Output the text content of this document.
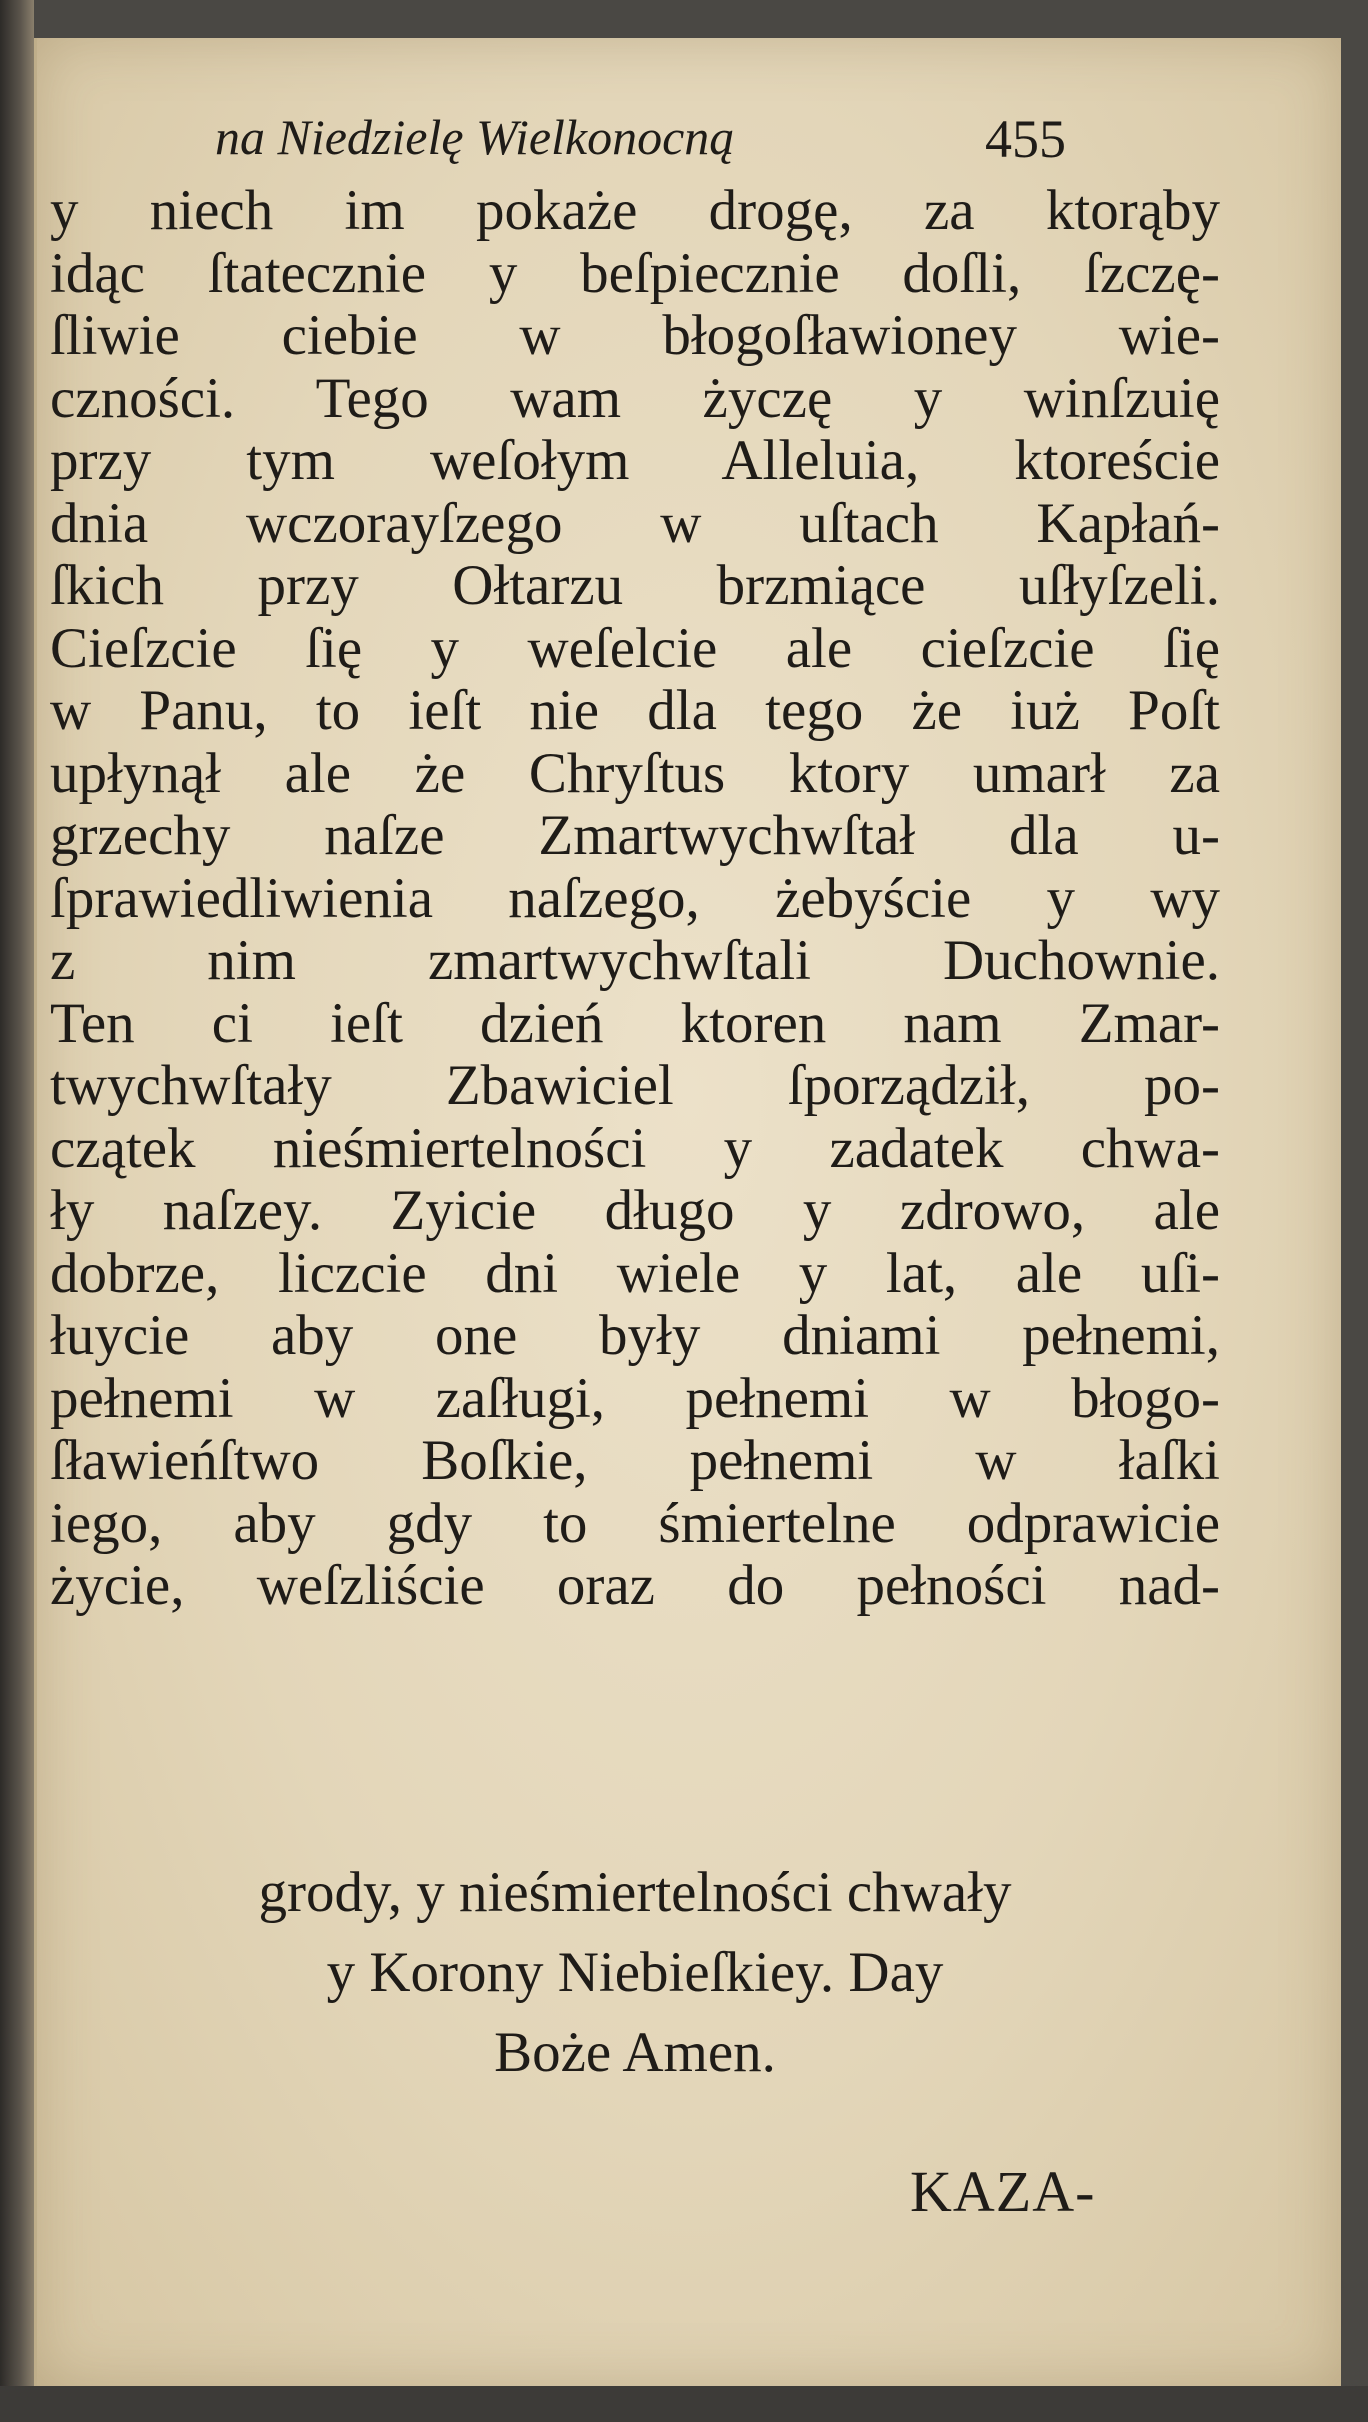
na Niedzielę Wielkonocną	455
y niech im pokaże drogę, za ktorąby
idąc ſtatecznie y beſpiecznie doſli, ſzczę-
ſliwie ciebie w błogoſławioney wie-
czności. Tego wam życzę y winſzuię
przy tym weſołym Alleluia, ktoreście
dnia wczorayſzego w uſtach Kapłań-
ſkich przy Ołtarzu brzmiące uſłyſzeli.
Cieſzcie ſię y weſelcie ale cieſzcie ſię
w Panu, to ieſt nie dla tego że iuż Poſt
upłynął ale że Chryſtus ktory umarł za
grzechy naſze Zmartwychwſtał dla u-
ſprawiedliwienia naſzego, żebyście y wy
z nim zmartwychwſtali Duchownie.
Ten ci ieſt dzień ktoren nam Zmar-
twychwſtały Zbawiciel ſporządził, po-
czątek nieśmiertelności y zadatek chwa-
ły naſzey. Zyicie długo y zdrowo, ale
dobrze, liczcie dni wiele y lat, ale uſi-
łuycie aby one były dniami pełnemi,
pełnemi w zaſługi, pełnemi w błogo-
ſławieńſtwo Boſkie, pełnemi w łaſki
iego, aby gdy to śmiertelne odprawicie
życie, weſzliście oraz do pełności nad-
grody, y nieśmiertelności chwały
y Korony Niebieſkiey. Day
Boże Amen.
KAZA-
